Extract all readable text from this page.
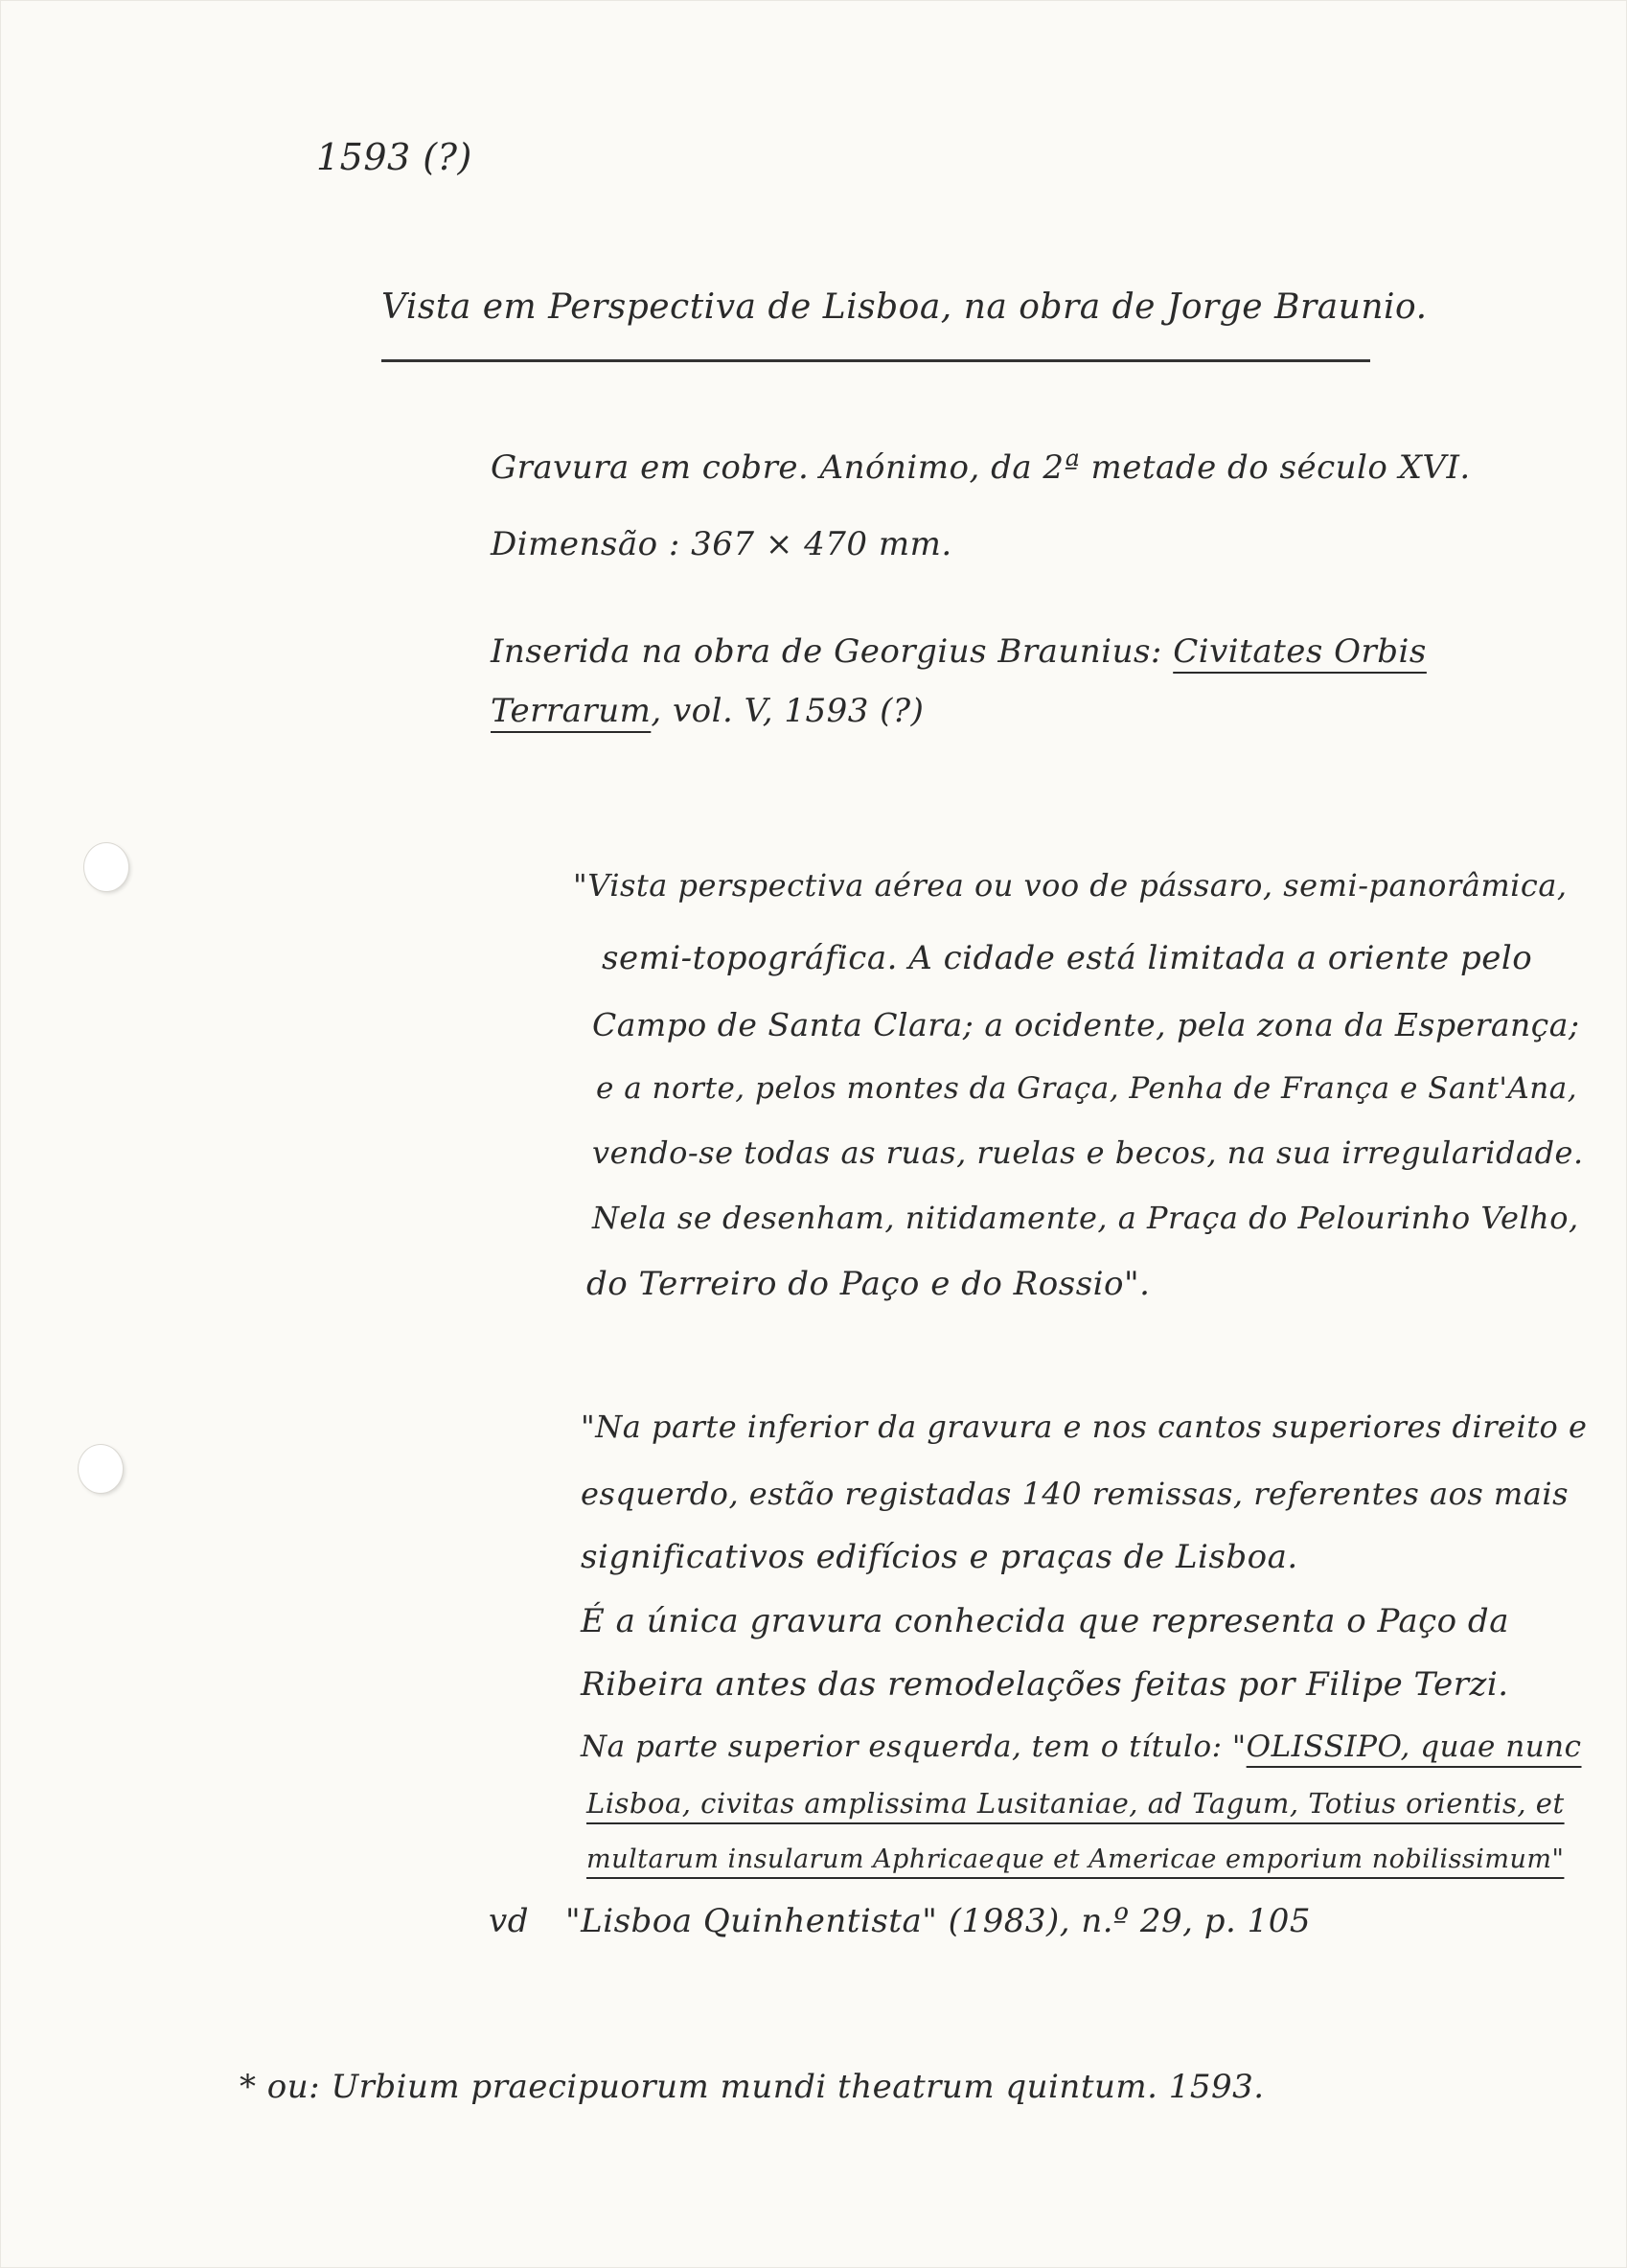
1593 (?)
Vista em Perspectiva de Lisboa, na obra de Jorge Braunio.
Gravura em cobre. Anónimo, da 2ª metade do século XVI.
Dimensão : 367 × 470 mm.
Inserida na obra de Georgius Braunius: Civitates Orbis
Terrarum, vol. V, 1593 (?)
"Vista perspectiva aérea ou voo de pássaro, semi-panorâmica,
semi-topográfica. A cidade está limitada a oriente pelo
Campo de Santa Clara; a ocidente, pela zona da Esperança;
e a norte, pelos montes da Graça, Penha de França e Sant'Ana,
vendo-se todas as ruas, ruelas e becos, na sua irregularidade.
Nela se desenham, nitidamente, a Praça do Pelourinho Velho,
do Terreiro do Paço e do Rossio".
"Na parte inferior da gravura e nos cantos superiores direito e
esquerdo, estão registadas 140 remissas, referentes aos mais
significativos edifícios e praças de Lisboa.
É a única gravura conhecida que representa o Paço da
Ribeira antes das remodelações feitas por Filipe Terzi.
Na parte superior esquerda, tem o título: "OLISSIPO, quae nunc
Lisboa, civitas amplissima Lusitaniae, ad Tagum, Totius orientis, et
multarum insularum Aphricaeque et Americae emporium nobilissimum"
vd "Lisboa Quinhentista" (1983), n.º 29, p. 105
* ou: Urbium praecipuorum mundi theatrum quintum. 1593.
